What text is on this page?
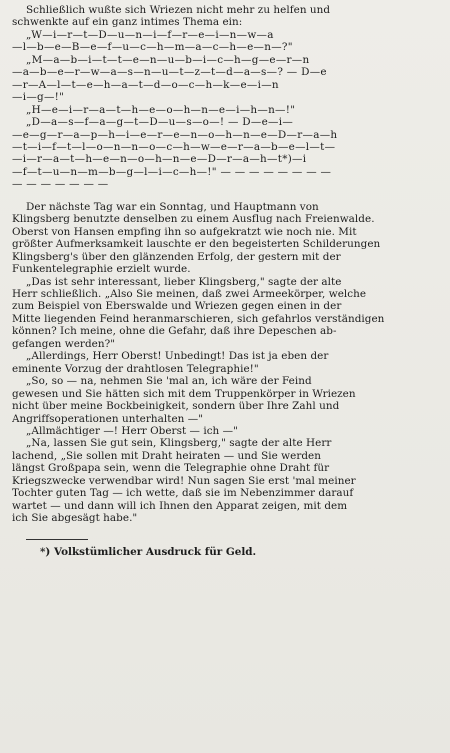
Schließlich wußte sich Wriezen nicht mehr zu helfen und
schwenkte auf ein ganz intimes Thema ein:

„W—i—r—t—D—u—n—i—f—r—e—i—n—w—a
—l—b—e—B—e—f—u—c—h—m—a—c—h—e—n—?"

„M—a—b—i—t—t—e—n—u—b—i—c—h—g—e—r—n
—a—b—e—r—w—a—s—n—u—t—z—t—d—a—s—? — D—e
—r—A—l—t—e—h—a—t—d—o—c—h—k—e—i—n
—i—g—!"

„H—e—i—r—a—t—h—e—o—h—n—e—i—h—n—!"
„D—a—s—f—a—g—t—D—u—s—o—! — D—e—i—
—e—g—r—a—p—h—i—e—r—e—n—o—h—n—e—D—r—a—h
—t—i—f—t—l—o—n—n—o—c—h—w—e—r—a—b—e—l—t—
—i—r—a—t—h—e—n—o—h—n—e—D—r—a—h—t*)—i
—f—t—u—n—m—b—g—l—i—c—h—!" — — — — — — — —
— — — — — — —

Der nächste Tag war ein Sonntag, und Hauptmann von
Klingsberg benutzte denselben zu einem Ausflug nach Freienwalde.
Oberst von Hansen empfing ihn so aufgekratzt wie noch nie. Mit
größter Aufmerksamkeit lauschte er den begeisterten Schilderungen
Klingsberg's über den glänzenden Erfolg, der gestern mit der
Funkentelegraphie erzielt wurde.

„Das ist sehr interessant, lieber Klingsberg," sagte der alte
Herr schließlich. „Also Sie meinen, daß zwei Armeekörper, welche
zum Beispiel von Eberswalde und Wriezen gegen einen in der
Mitte liegenden Feind heranmarschieren, sich gefahrlos verständigen
können? Ich meine, ohne die Gefahr, daß ihre Depeschen ab-
gefangen werden?"

„Allerdings, Herr Oberst! Unbedingt! Das ist ja eben der
eminente Vorzug der drahtlosen Telegraphie!"

„So, so — na, nehmen Sie 'mal an, ich wäre der Feind
gewesen und Sie hätten sich mit dem Truppenkörper in Wriezen
nicht über meine Bockbeinigkeit, sondern über Ihre Zahl und
Angriffsoperationen unterhalten —"
„Allmächtiger —! Herr Oberst — ich —"

„Na, lassen Sie gut sein, Klingsberg," sagte der alte Herr
lachend, „Sie sollen mit Draht heiraten — und Sie werden
längst Großpapa sein, wenn die Telegraphie ohne Draht für
Kriegszwecke verwendbar wird! Nun sagen Sie erst 'mal meiner
Tochter guten Tag — ich wette, daß sie im Nebenzimmer darauf
wartet — und dann will ich Ihnen den Apparat zeigen, mit dem
ich Sie abgesägt habe."

*) Volkstümlicher Ausdruck für Geld.
